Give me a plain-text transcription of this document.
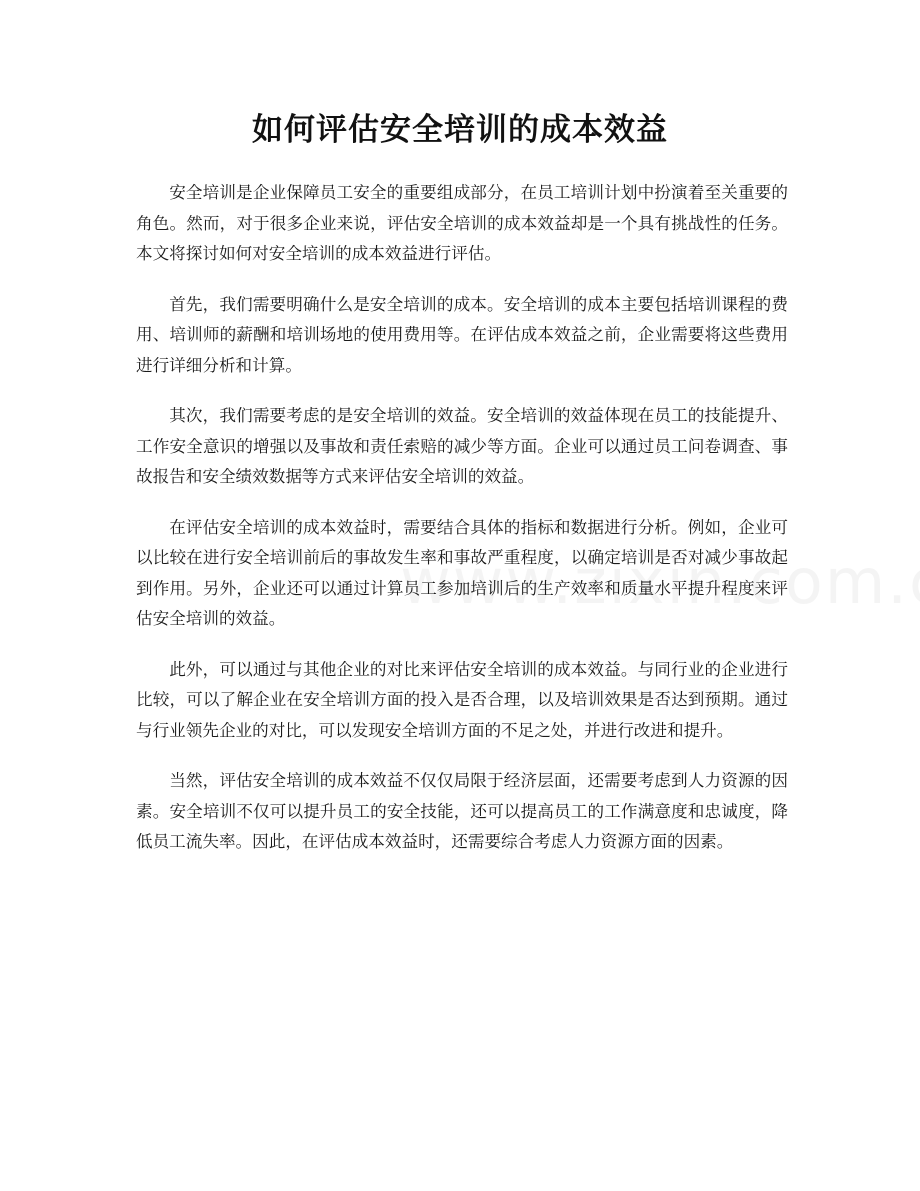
如何评估安全培训的成本效益

安全培训是企业保障员工安全的重要组成部分，在员工培训计划中扮演着至关重要的角色。然而，对于很多企业来说，评估安全培训的成本效益却是一个具有挑战性的任务。本文将探讨如何对安全培训的成本效益进行评估。

首先，我们需要明确什么是安全培训的成本。安全培训的成本主要包括培训课程的费用、培训师的薪酬和培训场地的使用费用等。在评估成本效益之前，企业需要将这些费用进行详细分析和计算。

其次，我们需要考虑的是安全培训的效益。安全培训的效益体现在员工的技能提升、工作安全意识的增强以及事故和责任索赔的减少等方面。企业可以通过员工问卷调查、事故报告和安全绩效数据等方式来评估安全培训的效益。

在评估安全培训的成本效益时，需要结合具体的指标和数据进行分析。例如，企业可以比较在进行安全培训前后的事故发生率和事故严重程度，以确定培训是否对减少事故起到作用。另外，企业还可以通过计算员工参加培训后的生产效率和质量水平提升程度来评估安全培训的效益。

此外，可以通过与其他企业的对比来评估安全培训的成本效益。与同行业的企业进行比较，可以了解企业在安全培训方面的投入是否合理，以及培训效果是否达到预期。通过与行业领先企业的对比，可以发现安全培训方面的不足之处，并进行改进和提升。

当然，评估安全培训的成本效益不仅仅局限于经济层面，还需要考虑到人力资源的因素。安全培训不仅可以提升员工的安全技能，还可以提高员工的工作满意度和忠诚度，降低员工流失率。因此，在评估成本效益时，还需要综合考虑人力资源方面的因素。
